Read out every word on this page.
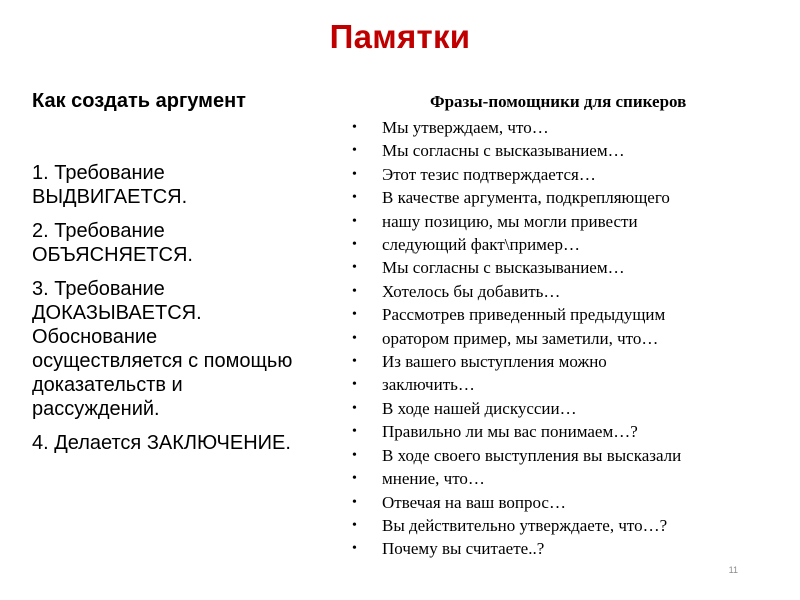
Памятки
Как создать аргумент
1. Требование
ВЫДВИГАЕТСЯ.
2. Требование
ОБЪЯСНЯЕТСЯ.
3. Требование
ДОКАЗЫВАЕТСЯ.
Обоснование
осуществляется с помощью
доказательств и
рассуждений.
4. Делается ЗАКЛЮЧЕНИЕ.
Фразы-помощники для спикеров
• Мы утверждаем, что…
• Мы согласны с высказыванием…
• Этот тезис подтверждается…
• В качестве аргумента, подкрепляющего
• нашу позицию, мы могли привести
• следующий факт\пример…
• Мы согласны с высказыванием…
• Хотелось бы добавить…
• Рассмотрев приведенный предыдущим
• оратором пример, мы заметили, что…
• Из вашего выступления можно
• заключить…
• В ходе нашей дискуссии…
• Правильно ли мы вас понимаем…?
• В ходе своего выступления вы высказали
• мнение, что…
• Отвечая на ваш вопрос…
• Вы действительно утверждаете, что…?
• Почему вы считаете..?
11
